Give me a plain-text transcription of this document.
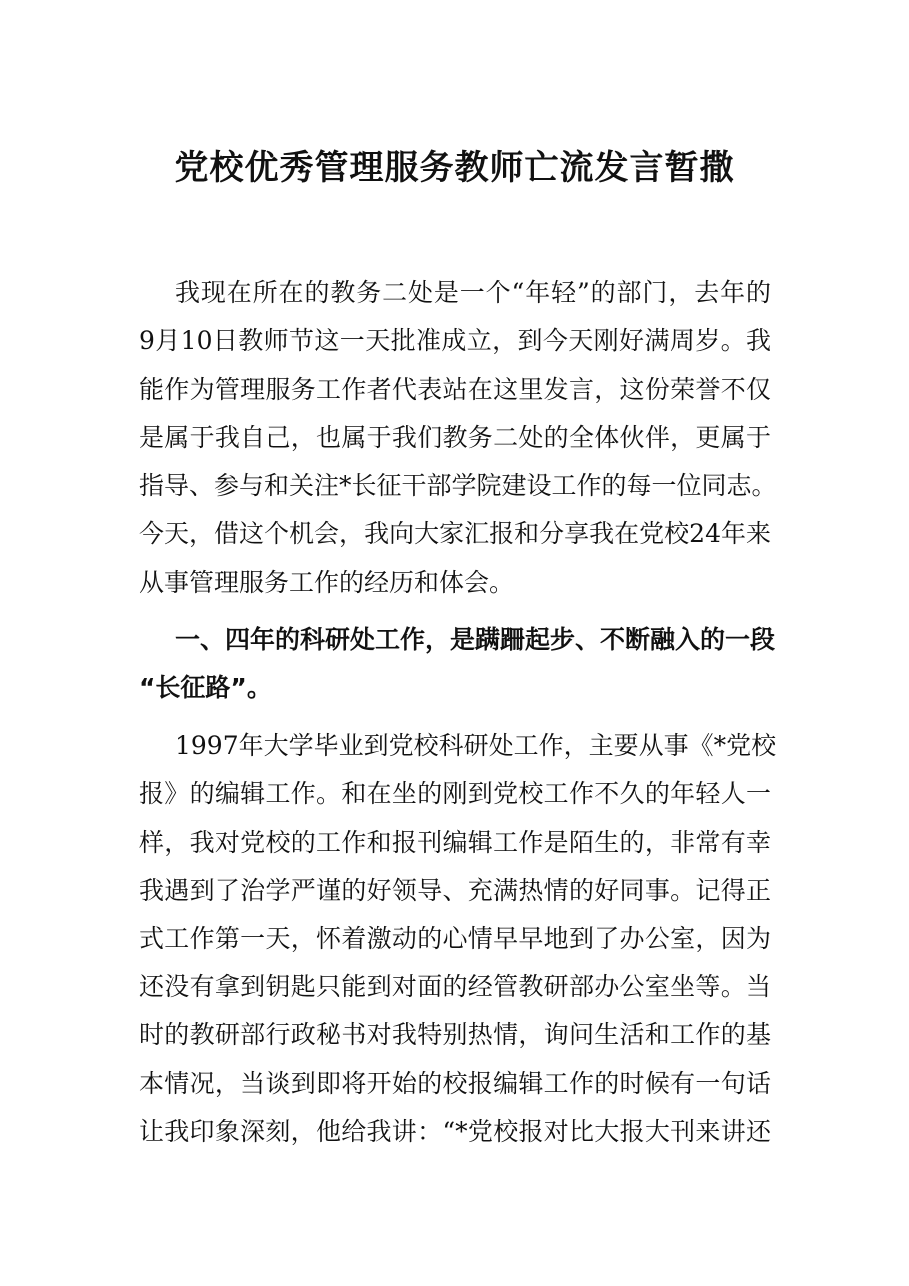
党校优秀管理服务教师亡流发言暂撒
我现在所在的教务二处是一个“年轻”的部门，去年的
9月10日教师节这一天批准成立，到今天刚好满周岁。我
能作为管理服务工作者代表站在这里发言，这份荣誉不仅
是属于我自己，也属于我们教务二处的全体伙伴，更属于
指导、参与和关注*长征干部学院建设工作的每一位同志。
今天，借这个机会，我向大家汇报和分享我在党校24年来
从事管理服务工作的经历和体会。
一、四年的科研处工作，是蹒跚起步、不断融入的一段
“长征路”。
1997年大学毕业到党校科研处工作，主要从事《*党校
报》的编辑工作。和在坐的刚到党校工作不久的年轻人一
样，我对党校的工作和报刊编辑工作是陌生的，非常有幸
我遇到了治学严谨的好领导、充满热情的好同事。记得正
式工作第一天，怀着激动的心情早早地到了办公室，因为
还没有拿到钥匙只能到对面的经管教研部办公室坐等。当
时的教研部行政秘书对我特别热情，询问生活和工作的基
本情况，当谈到即将开始的校报编辑工作的时候有一句话
让我印象深刻，他给我讲：“*党校报对比大报大刊来讲还
